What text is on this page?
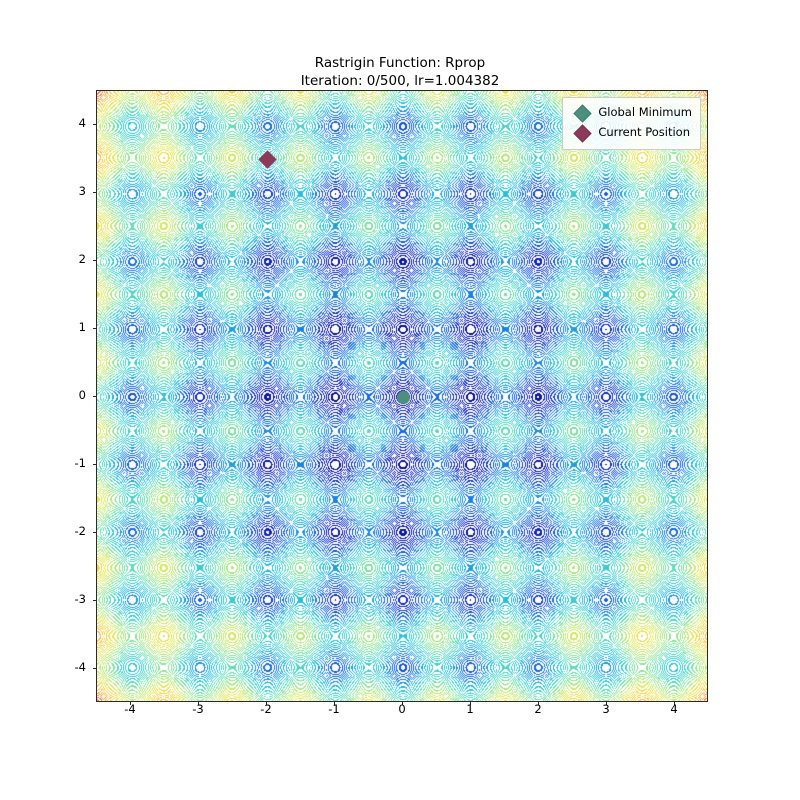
Rastrigin Function: Rprop
Iteration: 0/500, lr=1.004382
Global Minimum
Current Position
-4	-3	-2	-1	0	1	2	3	4
-4
-3
-2
-1
0
1
2
3
4
